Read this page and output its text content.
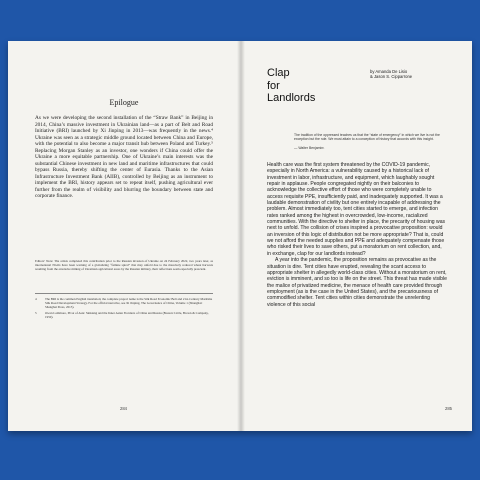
Epilogue

As we were developing the second installation of the “Straw Bank” in Beijing in 2014, China’s massive investment in Ukrainian land—as a part of Belt and Road Initiative (BRI) launched by Xi Jinping in 2013—was frequently in the news.⁴ Ukraine was seen as a strategic middle ground located between China and Europe, with the potential to also become a major transit hub between Poland and Turkey.⁵ Replacing Morgan Stanley as an investor, one wonders if China could offer the Ukraine a more equitable partnership. One of Ukraine’s main interests was the substantial Chinese investment in new land and maritime infrastructures that could bypass Russia, thereby shifting the center of Eurasia. Thanks to the Asian Infrastructure Investment Bank (AIIB), controlled by Beijing as an instrument to implement the BRI, history appears set to repeat itself, pushing agricultural ever further from the realm of visibility and blurring the boundary between state and corporate finance.

Editors’ Note: The artists completed this contribution prior to the Russian invasion of Ukraine on 24 February 2022, two years later, as international NGOs have been warning of a globalizing “famine spiral” that may unfold due to the massively reduced wheat harvests resulting from the extensive mining of Ukrainian agricultural areas by the Russian military, their reflections seem especially prescient.

4	The BRI is the common English translation; the complete project name is the Silk Road Economic Belt and 21st-Century Maritime Silk Road Development Strategy. For the official narrative, see Xi Jinping, The Governance of China, Volume 1 (Shanghai: Shanghai Press, 2015).
5	Owen Lattimore, Pivot of Asia: Sinkiang and the Inner Asian Frontiers of China and Russia (Boston: Little, Brown & Company, 1950).
284
Clap
for
Landlords
by Amanda De Lisio
& Jason S. Cipparrone

The tradition of the oppressed teaches us that the “state of emergency” in which we live is not the exception but the rule. We must attain to a conception of history that accords with this insight.

— Walter Benjamin¹

Health care was the first system threatened by the COVID-19 pandemic, especially in North America: a vulnerability caused by a historical lack of investment in labor, infrastructure, and equipment, which laughably sought repair in applause. People congregated nightly on their balconies to acknowledge the collective effort of those who were completely unable to access requisite PPE, insufficiently paid, and inadequately supported. It was a laudable demonstration of civility but one entirely incapable of addressing the problem. Almost immediately too, tent cities started to emerge, and infection rates ranked among the highest in overcrowded, low-income, racialized communities. With the directive to shelter in place, the precarity of housing was next to unfold. The collision of crises inspired a provocative proposition: would an inversion of this logic of distribution not be more appropriate? That is, could we not afford the needed supplies and PPE and adequately compensate those who risked their lives to save others, put a moratorium on rent collection, and, in exchange, clap for our landlords instead?

A year into the pandemic, the proposition remains as provocative as the situation is dire. Tent cities have erupted, revealing the scant access to appropriate shelter in allegedly world-class cities. Without a moratorium on rent, eviction is imminent, and so too is life on the street. This threat has made visible the malice of privatized medicine, the menace of health care provided through employment (as is the case in the United States), and the precariousness of commodified shelter. Tent cities within cities demonstrate the unrelenting violence of this social

285
